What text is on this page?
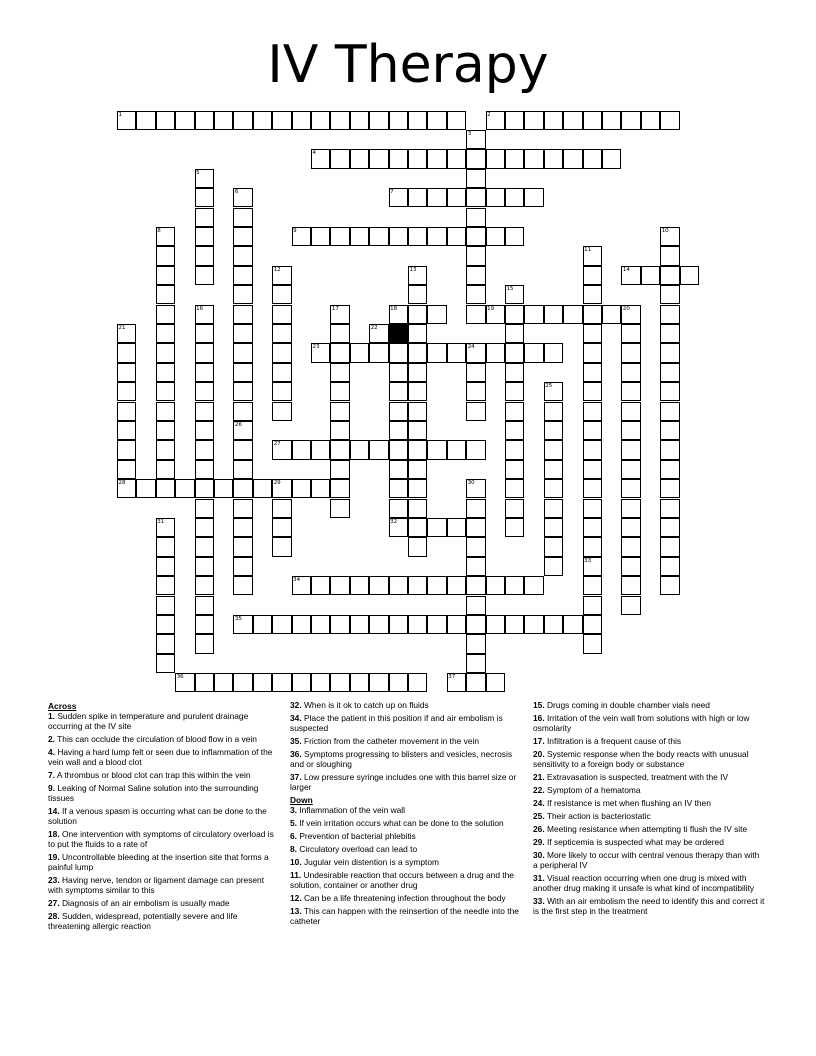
IV Therapy
1	2
3
4
5
6	7
8	9	10
11
12	13	14
15
16	17	18	19	20
21	22
23	24
25
26
27
28	29	30
31	32
33
34
35
36	37
Across
1. Sudden spike in temperature and purulent drainage occurring at the IV site
2. This can occlude the circulation of blood flow in a vein
4. Having a hard lump felt or seen due to inflammation of the vein wall and a blood clot
7. A thrombus or blood clot can trap this within the vein
9. Leaking of Normal Saline solution into the surrounding tissues
14. If a venous spasm is occurring what can be done to the solution
18. One intervention with symptoms of circulatory overload is to put the fluids to a rate of
19. Uncontrollable bleeding at the insertion site that forms a painful lump
23. Having nerve, tendon or ligament damage can present with symptoms similar to this
27. Diagnosis of an air embolism is usually made
28. Sudden, widespread, potentially severe and life threatening allergic reaction
32. When is it ok to catch up on fluids
34. Place the patient in this position if and air embolism is suspected
35. Friction from the catheter movement in the vein
36. Symptoms progressing to blisters and vesicles, necrosis and or sloughing
37. Low pressure syringe includes one with this barrel size or larger
Down
3. Inflammation of the vein wall
5. If vein irritation occurs what can be done to the solution
6. Prevention of bacterial phlebitis
8. Circulatory overload can lead to
10. Jugular vein distention is a symptom
11. Undesirable reaction that occurs between a drug and the solution, container or another drug
12. Can be a life threatening infection throughout the body
13. This can happen with the reinsertion of the needle into the catheter
15. Drugs coming in double chamber vials need
16. Irritation of the vein wall from solutions with high or low osmolarity
17. Infiltration is a frequent cause of this
20. Systemic response when the body reacts with unusual sensitivity to a foreign body or substance
21. Extravasation is suspected, treatment with the IV
22. Symptom of a hematoma
24. If resistance is met when flushing an IV then
25. Their action is bacteriostatic
26. Meeting resistance when attempting ti flush the IV site
29. If septicemia is suspected what may be ordered
30. More likely to occur with central venous therapy than with a peripheral IV
31. Visual reaction occurring when one drug is mixed with another drug making it unsafe is what kind of incompatibility
33. With an air embolism the need to identify this and correct it is the first step in the treatment
